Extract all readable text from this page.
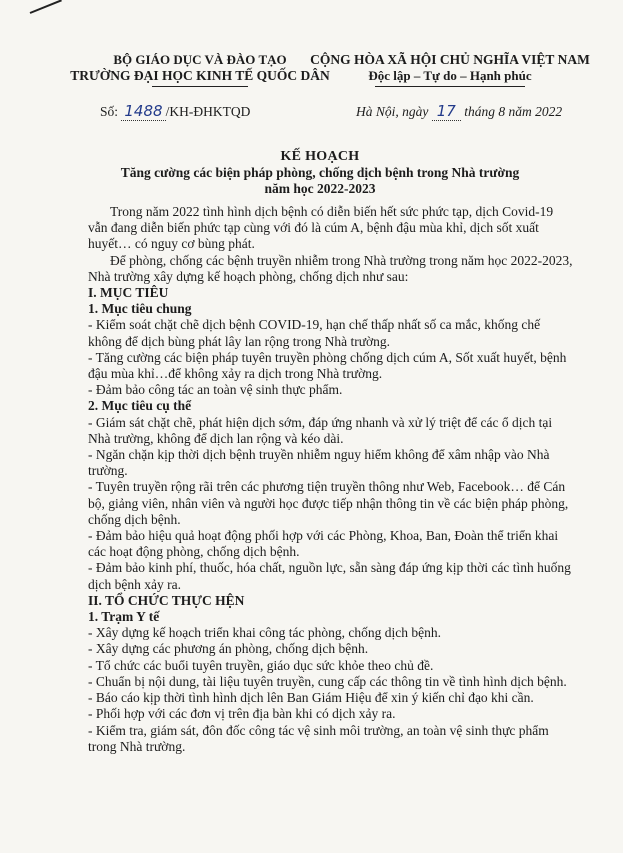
BỘ GIÁO DỤC VÀ ĐÀO TẠO
TRƯỜNG ĐẠI HỌC KINH TẾ QUỐC DÂN
CỘNG HÒA XÃ HỘI CHỦ NGHĨA VIỆT NAM
Độc lập – Tự do – Hạnh phúc
Số: 1488 /KH-ĐHKTQD	Hà Nội, ngày 17 tháng 8 năm 2022
KẾ HOẠCH
Tăng cường các biện pháp phòng, chống dịch bệnh trong Nhà trường
năm học 2022-2023

Trong năm 2022 tình hình dịch bệnh có diễn biến hết sức phức tạp, dịch Covid-19 vẫn đang diễn biến phức tạp cùng với đó là cúm A, bệnh đậu mùa khỉ, dịch sốt xuất huyết… có nguy cơ bùng phát.

Để phòng, chống các bệnh truyền nhiễm trong Nhà trường trong năm học 2022-2023, Nhà trường xây dựng kế hoạch phòng, chống dịch như sau:

I. MỤC TIÊU

1. Mục tiêu chung

- Kiểm soát chặt chẽ dịch bệnh COVID-19, hạn chế thấp nhất số ca mắc, khống chế không để dịch bùng phát lây lan rộng trong Nhà trường.

- Tăng cường các biện pháp tuyên truyền phòng chống dịch cúm A, Sốt xuất huyết, bệnh đậu mùa khỉ…để không xảy ra dịch trong Nhà trường.

- Đảm bảo công tác an toàn vệ sinh thực phẩm.

2. Mục tiêu cụ thể

- Giám sát chặt chẽ, phát hiện dịch sớm, đáp ứng nhanh và xử lý triệt để các ổ dịch tại Nhà trường, không để dịch lan rộng và kéo dài.

- Ngăn chặn kịp thời dịch bệnh truyền nhiễm nguy hiểm không để xâm nhập vào Nhà trường.

- Tuyên truyền rộng rãi trên các phương tiện truyền thông như Web, Facebook… để Cán bộ, giảng viên, nhân viên và người học được tiếp nhận thông tin về các biện pháp phòng, chống dịch bệnh.

- Đảm bảo hiệu quả hoạt động phối hợp với các Phòng, Khoa, Ban, Đoàn thể triển khai các hoạt động phòng, chống dịch bệnh.

- Đảm bảo kinh phí, thuốc, hóa chất, nguồn lực, sẵn sàng đáp ứng kịp thời các tình huống dịch bệnh xảy ra.

II. TỔ CHỨC THỰC HỆN

1. Trạm Y tế

- Xây dựng kế hoạch triển khai công tác phòng, chống dịch bệnh.

- Xây dựng các phương án phòng, chống dịch bệnh.

- Tổ chức các buổi tuyên truyền, giáo dục sức khỏe theo chủ đề.

- Chuẩn bị nội dung, tài liệu tuyên truyền, cung cấp các thông tin về tình hình dịch bệnh.

- Báo cáo kịp thời tình hình dịch lên Ban Giám Hiệu để xin ý kiến chỉ đạo khi cần.

- Phối hợp với các đơn vị trên địa bàn khi có dịch xảy ra.

- Kiểm tra, giám sát, đôn đốc công tác vệ sinh môi trường, an toàn vệ sinh thực phẩm trong Nhà trường.
